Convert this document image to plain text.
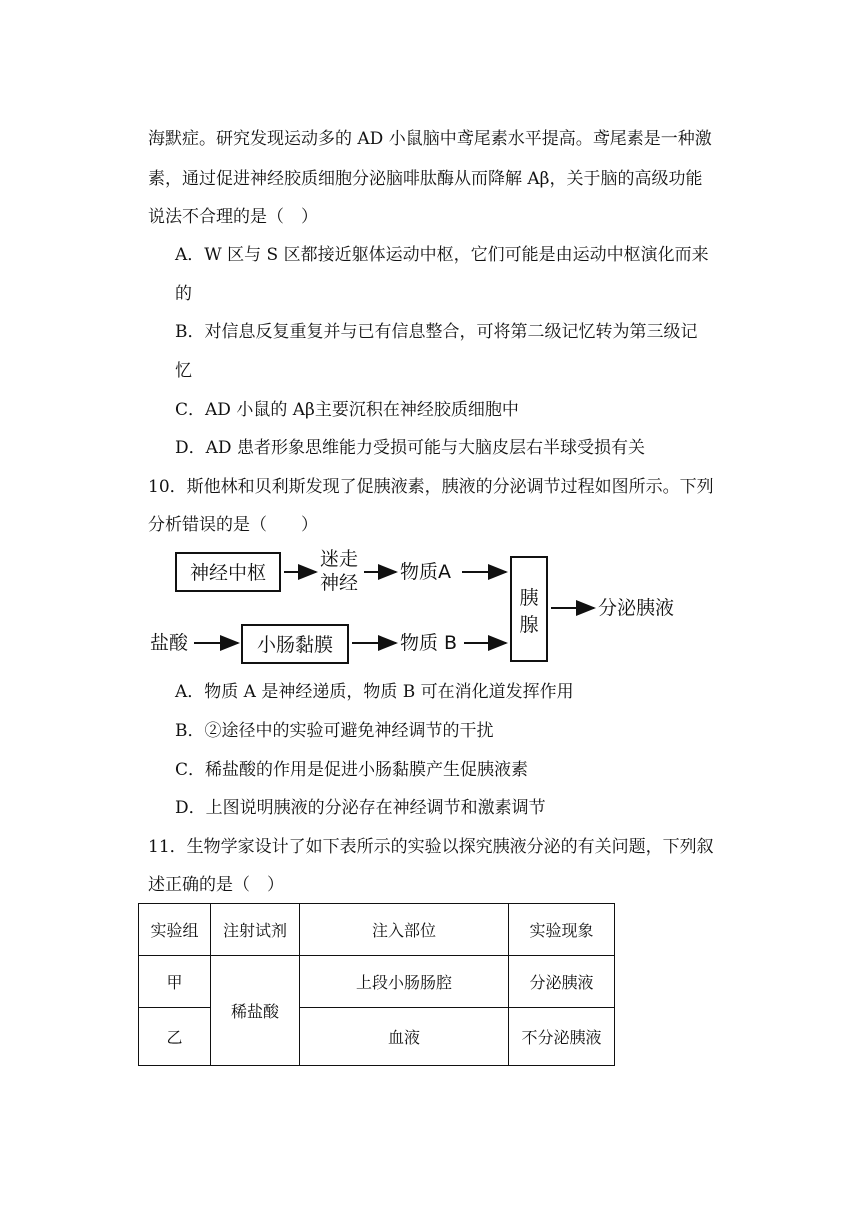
海默症。研究发现运动多的 AD 小鼠脑中鸢尾素水平提高。鸢尾素是一种激
素，通过促进神经胶质细胞分泌脑啡肽酶从而降解 Aβ，关于脑的高级功能
说法不合理的是（　）
A．W 区与 S 区都接近躯体运动中枢，它们可能是由运动中枢演化而来
的
B．对信息反复重复并与已有信息整合，可将第二级记忆转为第三级记
忆
C．AD 小鼠的 Aβ主要沉积在神经胶质细胞中
D．AD 患者形象思维能力受损可能与大脑皮层右半球受损有关
10．斯他林和贝利斯发现了促胰液素，胰液的分泌调节过程如图所示。下列
分析错误的是（　　）
神经中枢
迷走
神经 物质A
盐酸	小肠黏膜	物质 B
胰
腺
分泌胰液
A．物质 A 是神经递质，物质 B 可在消化道发挥作用
B．②途径中的实验可避免神经调节的干扰
C．稀盐酸的作用是促进小肠黏膜产生促胰液素
D．上图说明胰液的分泌存在神经调节和激素调节
11．生物学家设计了如下表所示的实验以探究胰液分泌的有关问题，下列叙
述正确的是（　）
实验组	注射试剂	注入部位	实验现象
甲	稀盐酸	上段小肠肠腔	分泌胰液
乙		血液	不分泌胰液
